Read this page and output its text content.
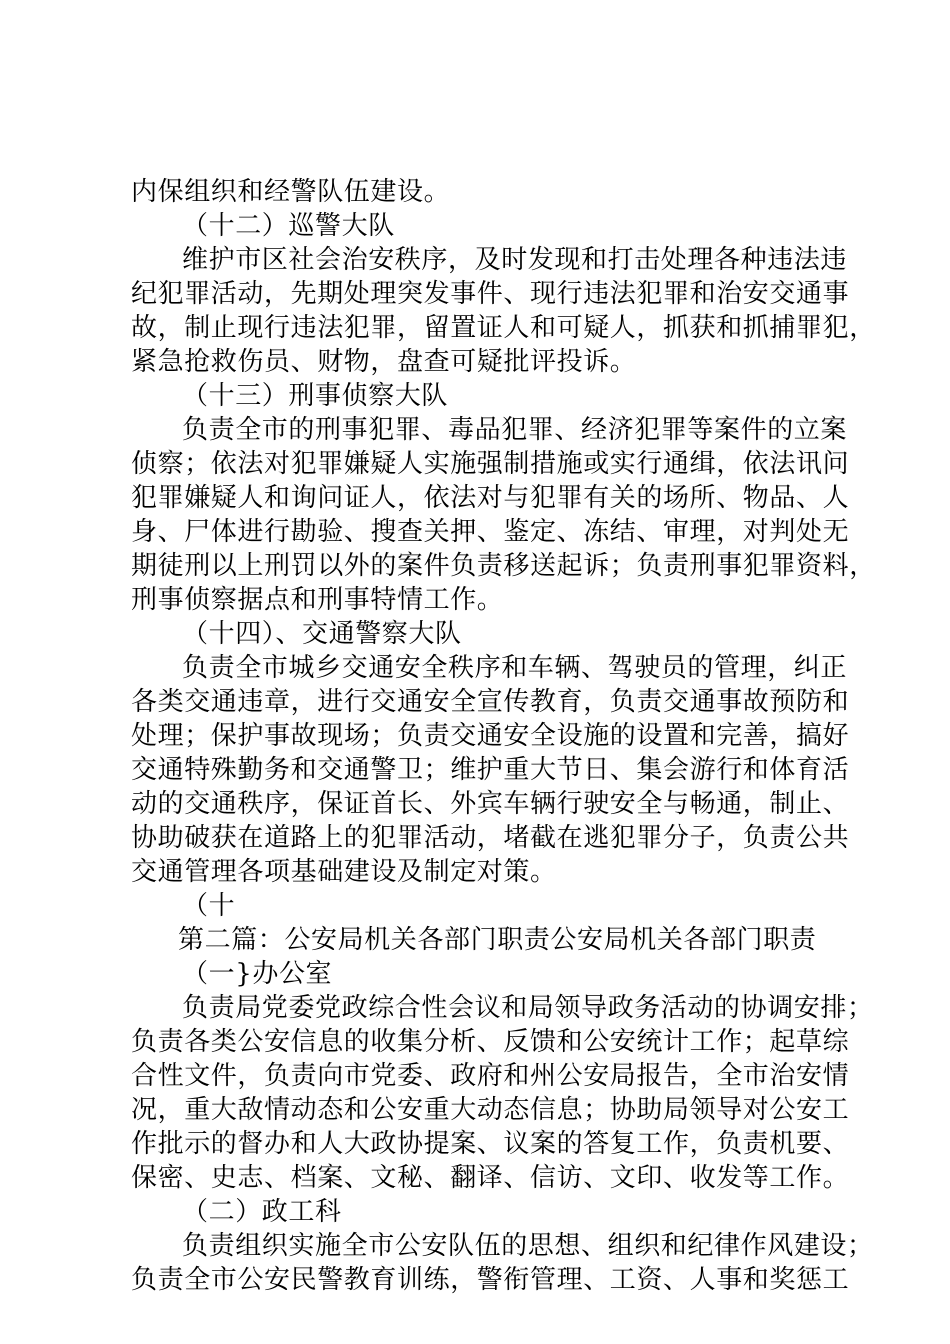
内保组织和经警队伍建设。
（十二）巡警大队
维护市区社会治安秩序，及时发现和打击处理各种违法违
纪犯罪活动，先期处理突发事件、现行违法犯罪和治安交通事
故，制止现行违法犯罪，留置证人和可疑人，抓获和抓捕罪犯，
紧急抢救伤员、财物，盘查可疑批评投诉。
（十三）刑事侦察大队
负责全市的刑事犯罪、毒品犯罪、经济犯罪等案件的立案
侦察；依法对犯罪嫌疑人实施强制措施或实行通缉，依法讯问
犯罪嫌疑人和询问证人，依法对与犯罪有关的场所、物品、人
身、尸体进行勘验、搜查关押、鉴定、冻结、审理，对判处无
期徒刑以上刑罚以外的案件负责移送起诉；负责刑事犯罪资料，
刑事侦察据点和刑事特情工作。
（十四）、交通警察大队
负责全市城乡交通安全秩序和车辆、驾驶员的管理，纠正
各类交通违章，进行交通安全宣传教育，负责交通事故预防和
处理；保护事故现场；负责交通安全设施的设置和完善，搞好
交通特殊勤务和交通警卫；维护重大节日、集会游行和体育活
动的交通秩序，保证首长、外宾车辆行驶安全与畅通，制止、
协助破获在道路上的犯罪活动，堵截在逃犯罪分子，负责公共
交通管理各项基础建设及制定对策。
（十
第二篇：公安局机关各部门职责公安局机关各部门职责
（一}办公室
负责局党委党政综合性会议和局领导政务活动的协调安排；
负责各类公安信息的收集分析、反馈和公安统计工作；起草综
合性文件，负责向市党委、政府和州公安局报告，全市治安情
况，重大敌情动态和公安重大动态信息；协助局领导对公安工
作批示的督办和人大政协提案、议案的答复工作，负责机要、
保密、史志、档案、文秘、翻译、信访、文印、收发等工作。
（二）政工科
负责组织实施全市公安队伍的思想、组织和纪律作风建设；
负责全市公安民警教育训练，警衔管理、工资、人事和奖惩工
